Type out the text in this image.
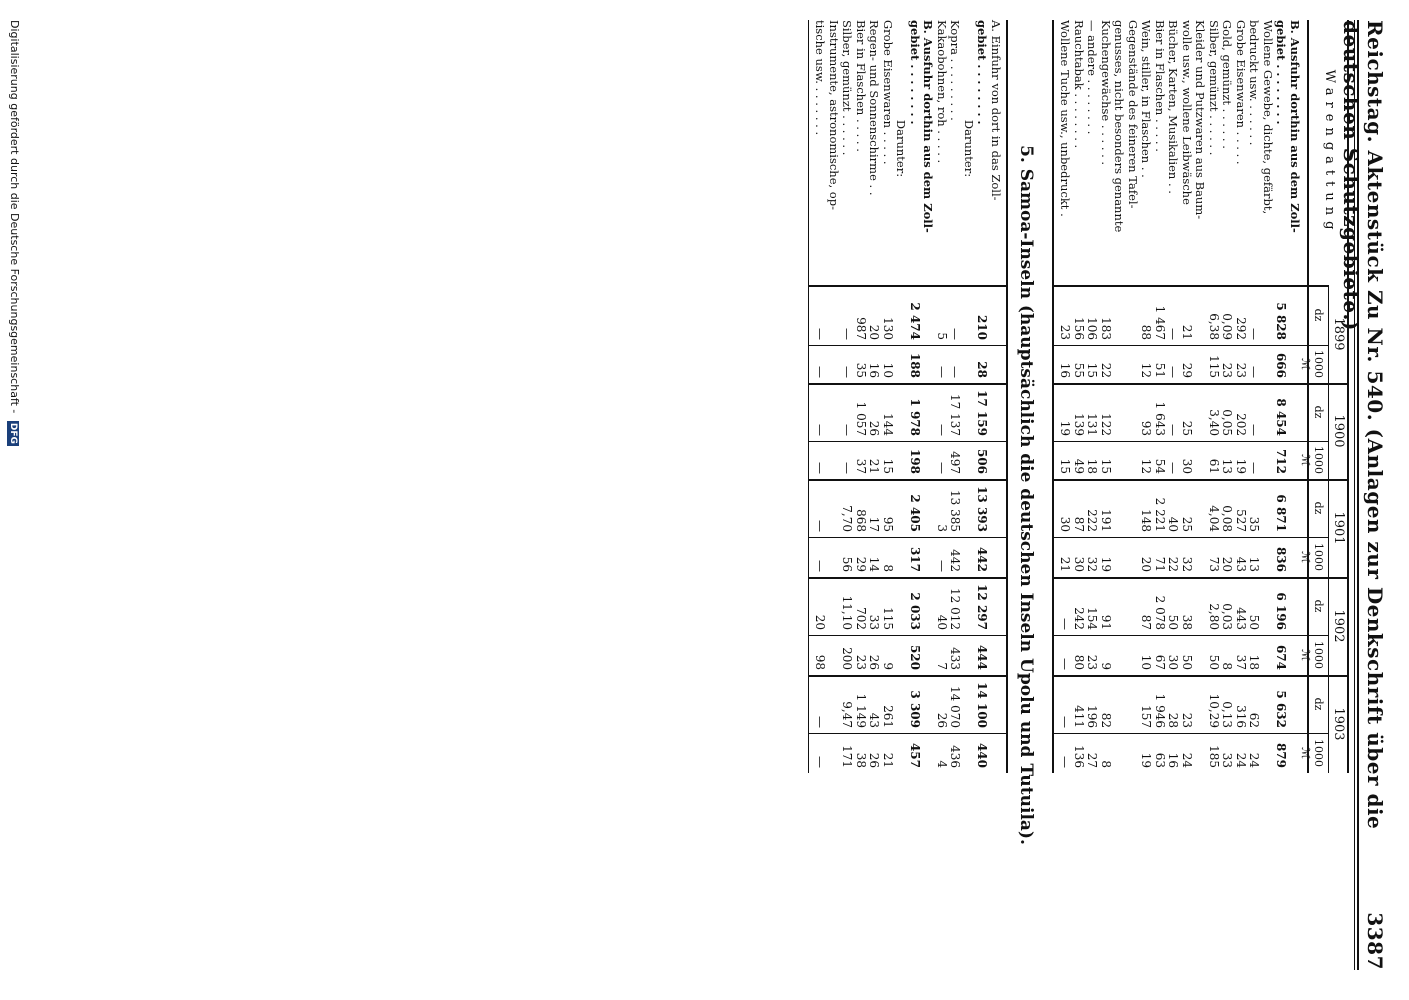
Reichstag. Aktenstück Zu Nr. 540. (Anlagen zur Denkschrift über die deutschen Schutzgebiete.)
3387
5. Samoa-Inseln (hauptsächlich die deutschen Inseln Upolu und Tutuila).
Digitalisierung gefördert durch die Deutsche Forschungsgemeinschaft - DFG
Warengattung
1899
dz
1000 ℳ
1900
dz
1000 ℳ
1901
dz
1000 ℳ
1902
dz
1000 ℳ
1903
dz
1000 ℳ
B. Ausfuhr dorthin aus dem Zoll-
gebiet . . . . . . . .
5 828
666
8 454
712
6 871
836
6 196
674
5 632
879
Wollene Gewebe, dichte, gefärbt,
bedruckt usw. . . . . . .
—
—
—
—
35
13
50
18
62
24
Grobe Eisenwaren . . . . .
292
23
202
19
527
43
443
37
316
24
Gold, gemünzt . . . . . .
0,09
23
0,05
13
0,08
20
0,03
8
0,13
33
Silber, gemünzt . . . . . .
6,38
115
3,40
61
4,04
73
2,80
50
10,29
185
Kleider und Putzwaren aus Baum-
wolle usw., wollene Leibwäsche
21
29
25
30
25
32
38
50
23
24
Bücher, Karten, Musikalien . .
—
—
—
—
40
22
50
30
28
16
Bier in Flaschen . . . . .
1 467
51
1 643
54
2 221
71
2 078
67
1 946
63
Wein, stiller, in Flaschen . .
88
12
93
12
148
20
87
10
157
19
Gegenstände des feineren Tafel-
genusses, nicht besonders genannte
Kuchengewächse . . . . . .
183
22
122
15
191
19
91
9
82
8
— andere . . . . . . . .
106
15
131
18
222
32
154
23
196
27
Rauchtabak . . . . . . . .
156
55
139
49
87
30
242
80
411
136
Wollene Tuche usw., unbedruckt .
23
16
19
15
30
21
—
—
—
—
A. Einfuhr von dort in das Zoll-
gebiet . . . . . . . .
210
28
17 159
506
13 393
442
12 297
444
14 100
440
Darunter:
Kopra . . . . . . . . .
—
—
17 137
497
13 385
442
12 012
433
14 070
436
Kakaobohnen, roh . . . . .
5
—
—
—
3
—
40
7
26
4
B. Ausfuhr dorthin aus dem Zoll-
gebiet . . . . . . . .
2 474
188
1 978
198
2 405
317
2 033
520
3 309
457
Darunter:
Grobe Eisenwaren . . . . .
130
10
144
15
95
8
115
9
261
21
Regen- und Sonnenschirme . .
20
16
26
21
17
14
33
26
43
26
Bier in Flaschen . . . . .
987
35
1 057
37
868
29
702
23
1 149
38
Silber, gemünzt . . . . . .
—
—
—
—
7,70
56
11,10
200
9,47
171
Instrumente, astronomische, op-
tische usw. . . . . . . .
—
—
—
—
—
—
20
98
—
—
